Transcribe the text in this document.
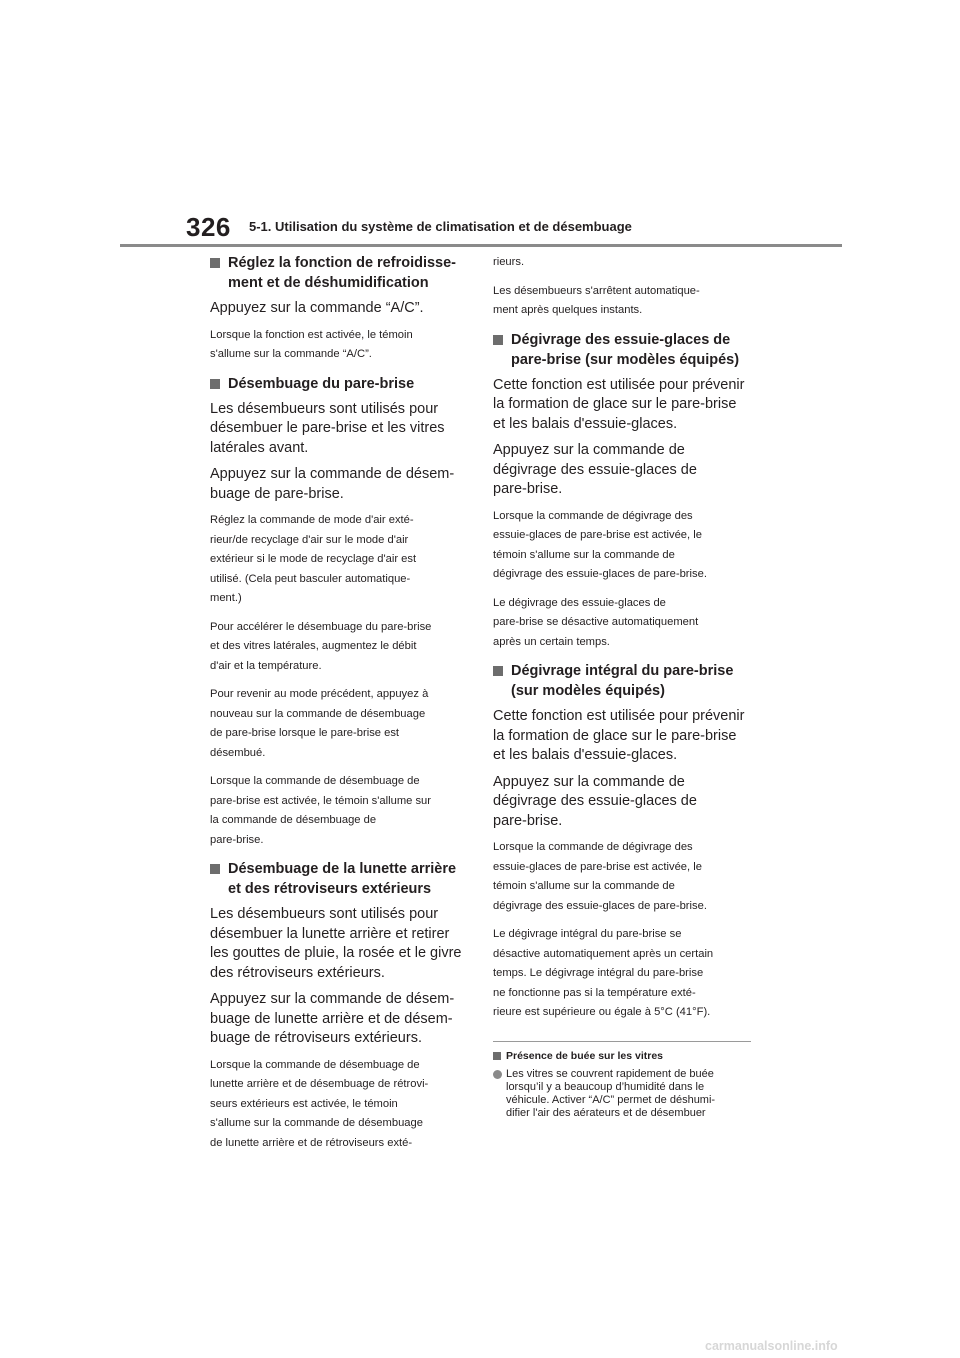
326 5-1. Utilisation du système de climatisation et de désembuage
Réglez la fonction de refroidisse-
ment et de déshumidification
Appuyez sur la commande “A/C”.
Lorsque la fonction est activée, le témoin
s'allume sur la commande “A/C”.
Désembuage du pare-brise
Les désembueurs sont utilisés pour
désembuer le pare-brise et les vitres
latérales avant.
Appuyez sur la commande de désem-
buage de pare-brise.
Réglez la commande de mode d'air exté-
rieur/de recyclage d'air sur le mode d'air
extérieur si le mode de recyclage d'air est
utilisé. (Cela peut basculer automatique-
ment.)
Pour accélérer le désembuage du pare-brise
et des vitres latérales, augmentez le débit
d'air et la température.
Pour revenir au mode précédent, appuyez à
nouveau sur la commande de désembuage
de pare-brise lorsque le pare-brise est
désembué.
Lorsque la commande de désembuage de
pare-brise est activée, le témoin s'allume sur
la commande de désembuage de
pare-brise.
Désembuage de la lunette arrière
et des rétroviseurs extérieurs
Les désembueurs sont utilisés pour
désembuer la lunette arrière et retirer
les gouttes de pluie, la rosée et le givre
des rétroviseurs extérieurs.
Appuyez sur la commande de désem-
buage de lunette arrière et de désem-
buage de rétroviseurs extérieurs.
Lorsque la commande de désembuage de
lunette arrière et de désembuage de rétrovi-
seurs extérieurs est activée, le témoin
s'allume sur la commande de désembuage
de lunette arrière et de rétroviseurs exté-
rieurs.
Les désembueurs s'arrêtent automatique-
ment après quelques instants.
Dégivrage des essuie-glaces de
pare-brise (sur modèles équipés)
Cette fonction est utilisée pour prévenir
la formation de glace sur le pare-brise
et les balais d'essuie-glaces.
Appuyez sur la commande de
dégivrage des essuie-glaces de
pare-brise.
Lorsque la commande de dégivrage des
essuie-glaces de pare-brise est activée, le
témoin s'allume sur la commande de
dégivrage des essuie-glaces de pare-brise.
Le dégivrage des essuie-glaces de
pare-brise se désactive automatiquement
après un certain temps.
Dégivrage intégral du pare-brise
(sur modèles équipés)
Cette fonction est utilisée pour prévenir
la formation de glace sur le pare-brise
et les balais d'essuie-glaces.
Appuyez sur la commande de
dégivrage des essuie-glaces de
pare-brise.
Lorsque la commande de dégivrage des
essuie-glaces de pare-brise est activée, le
témoin s'allume sur la commande de
dégivrage des essuie-glaces de pare-brise.
Le dégivrage intégral du pare-brise se
désactive automatiquement après un certain
temps. Le dégivrage intégral du pare-brise
ne fonctionne pas si la température exté-
rieure est supérieure ou égale à 5°C (41°F).
Présence de buée sur les vitres
Les vitres se couvrent rapidement de buée
lorsqu’il y a beaucoup d’humidité dans le
véhicule. Activer “A/C” permet de déshumi-
difier l'air des aérateurs et de désembuer
carmanualsonline.info
